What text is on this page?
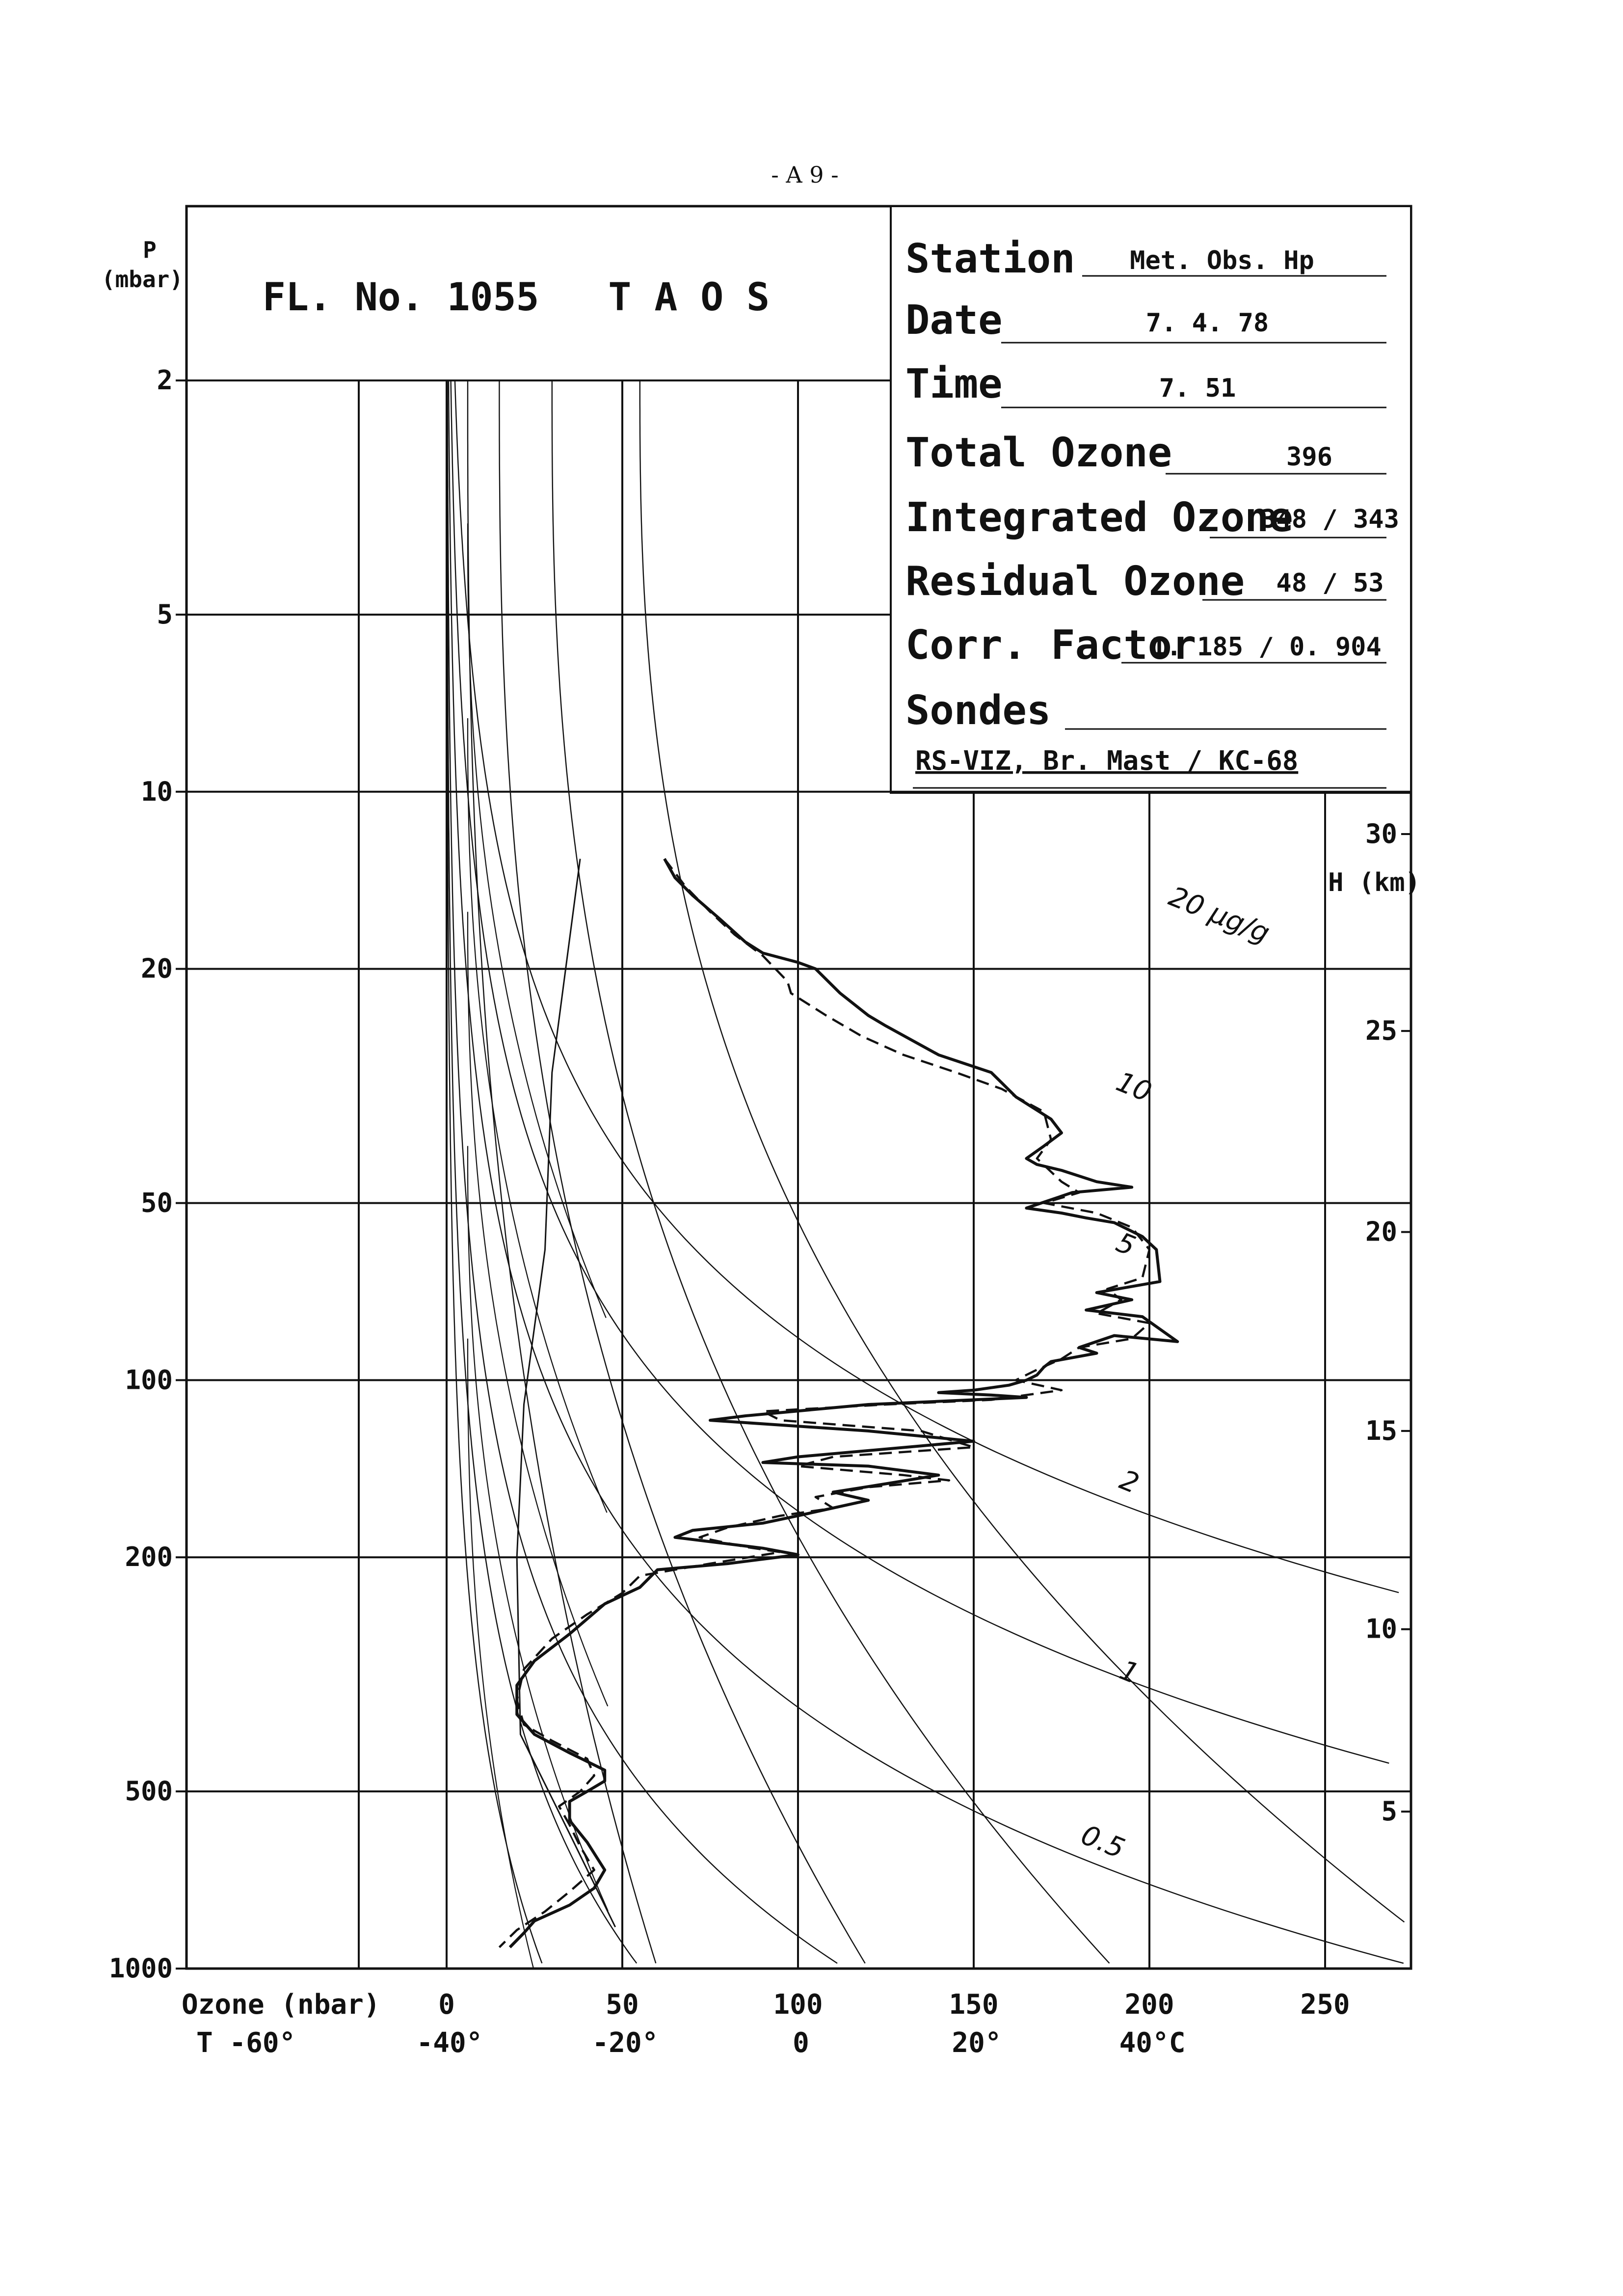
- A 9 -
P
(mbar) FL. No. 1055   T A O S
Station Met. Obs. Hp
Date	7. 4. 78
Time	7. 51
Total Ozone	396
Integrated Ozone
348 / 343
Residual Ozone 48 / 53
Corr. Factor
1. 185 / 0. 904
Sondes
RS-VIZ, Br. Mast / KC-68
20 µg/g
10
5
2
1
0.5
2
5
10
20
50
100
200
500
1000
30
25
20
15
10
5
Ozone (nbar)
T -60°
0
-40°
50
-20°
100
0
150
20°
200
40°C
250
H (km)
